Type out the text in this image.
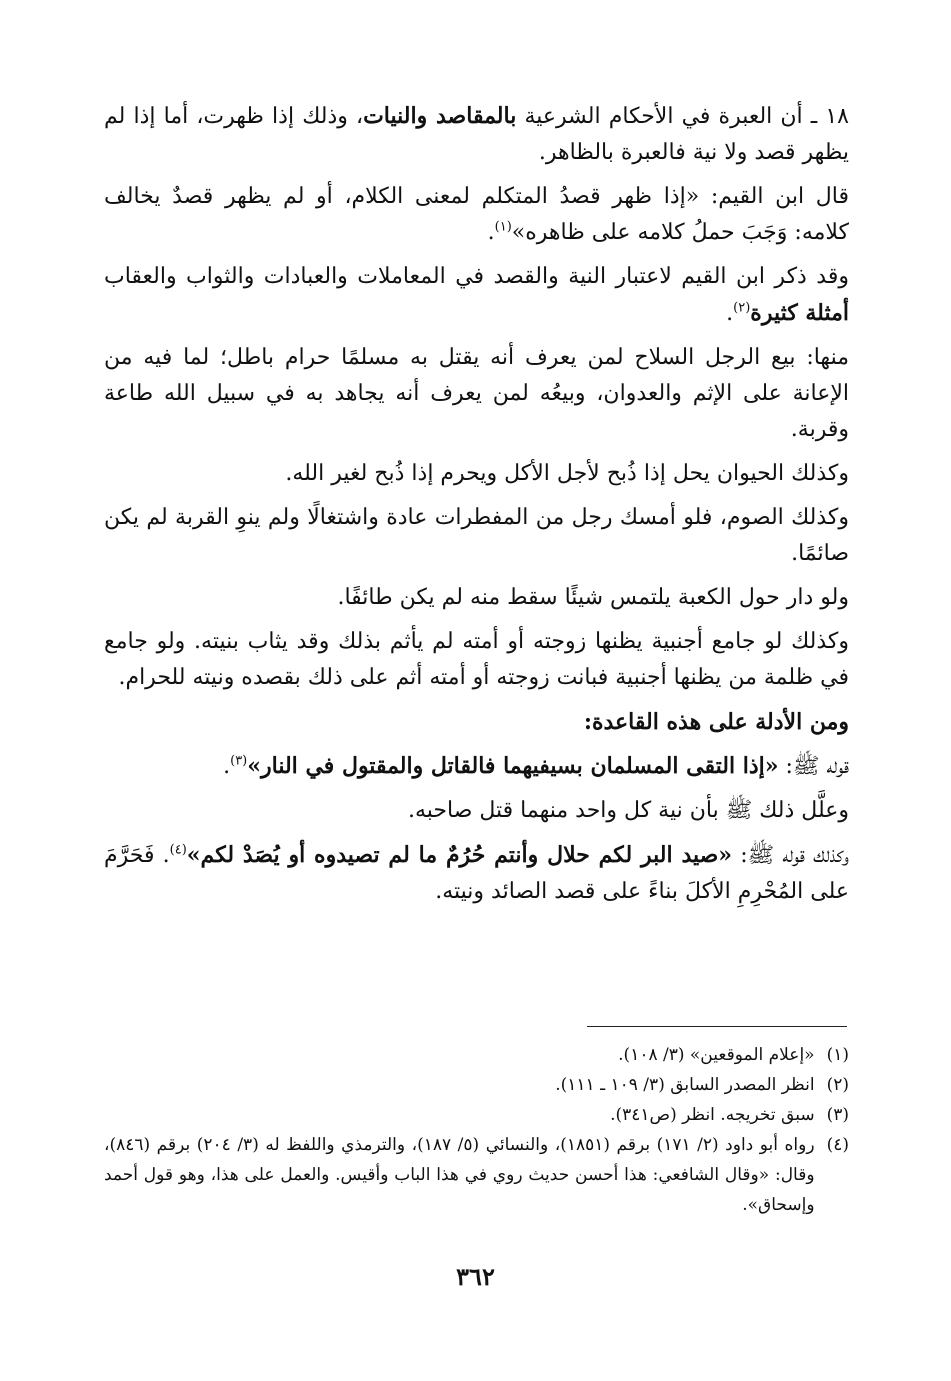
١٨ ـ أن العبرة في الأحكام الشرعية بالمقاصد والنيات، وذلك إذا ظهرت، أما إذا لم يظهر قصد ولا نية فالعبرة بالظاهر.

قال ابن القيم: «إذا ظهر قصدُ المتكلم لمعنى الكلام، أو لم يظهر قصدٌ يخالف كلامه: وَجَبَ حملُ كلامه على ظاهره»$^{(١)}$.

وقد ذكر ابن القيم لاعتبار النية والقصد في المعاملات والعبادات والثواب والعقاب أمثلة كثيرة$^{(٢)}$.

منها: بيع الرجل السلاح لمن يعرف أنه يقتل به مسلمًا حرام باطل؛ لما فيه من الإعانة على الإثم والعدوان، وبيعُه لمن يعرف أنه يجاهد به في سبيل الله طاعة وقربة.

وكذلك الحيوان يحل إذا ذُبح لأجل الأكل ويحرم إذا ذُبح لغير الله.

وكذلك الصوم، فلو أمسك رجل من المفطرات عادة واشتغالًا ولم ينوِ القربة لم يكن صائمًا.

ولو دار حول الكعبة يلتمس شيئًا سقط منه لم يكن طائفًا.

وكذلك لو جامع أجنبية يظنها زوجته أو أمته لم يأثم بذلك وقد يثاب بنيته. ولو جامع في ظلمة من يظنها أجنبية فبانت زوجته أو أمته أثم على ذلك بقصده ونيته للحرام.

ومن الأدلة على هذه القاعدة:

قوله ﷺ: «إذا التقى المسلمان بسيفيهما فالقاتل والمقتول في النار»$^{(٣)}$.

وعلَّل ذلك ﷺ بأن نية كل واحد منهما قتل صاحبه.

وكذلك قوله ﷺ: «صيد البر لكم حلال وأنتم حُرُمٌ ما لم تصيدوه أو يُصَدْ لكم»$^{(٤)}$. فَحَرَّمَ على المُحْرِمِ الأكلَ بناءً على قصد الصائد ونيته.

(١)
«إعلام الموقعين» (٣/ ١٠٨).
(٢)
انظر المصدر السابق (٣/ ١٠٩ ـ ١١١).
(٣)
سبق تخريجه. انظر (ص٣٤١).
(٤)
رواه أبو داود (٢/ ١٧١) برقم (١٨٥١)، والنسائي (٥/ ١٨٧)، والترمذي واللفظ له (٣/ ٢٠٤) برقم (٨٤٦)، وقال: «وقال الشافعي: هذا أحسن حديث روي في هذا الباب وأقيس. والعمل على هذا، وهو قول أحمد وإسحاق».
٣٦٢
